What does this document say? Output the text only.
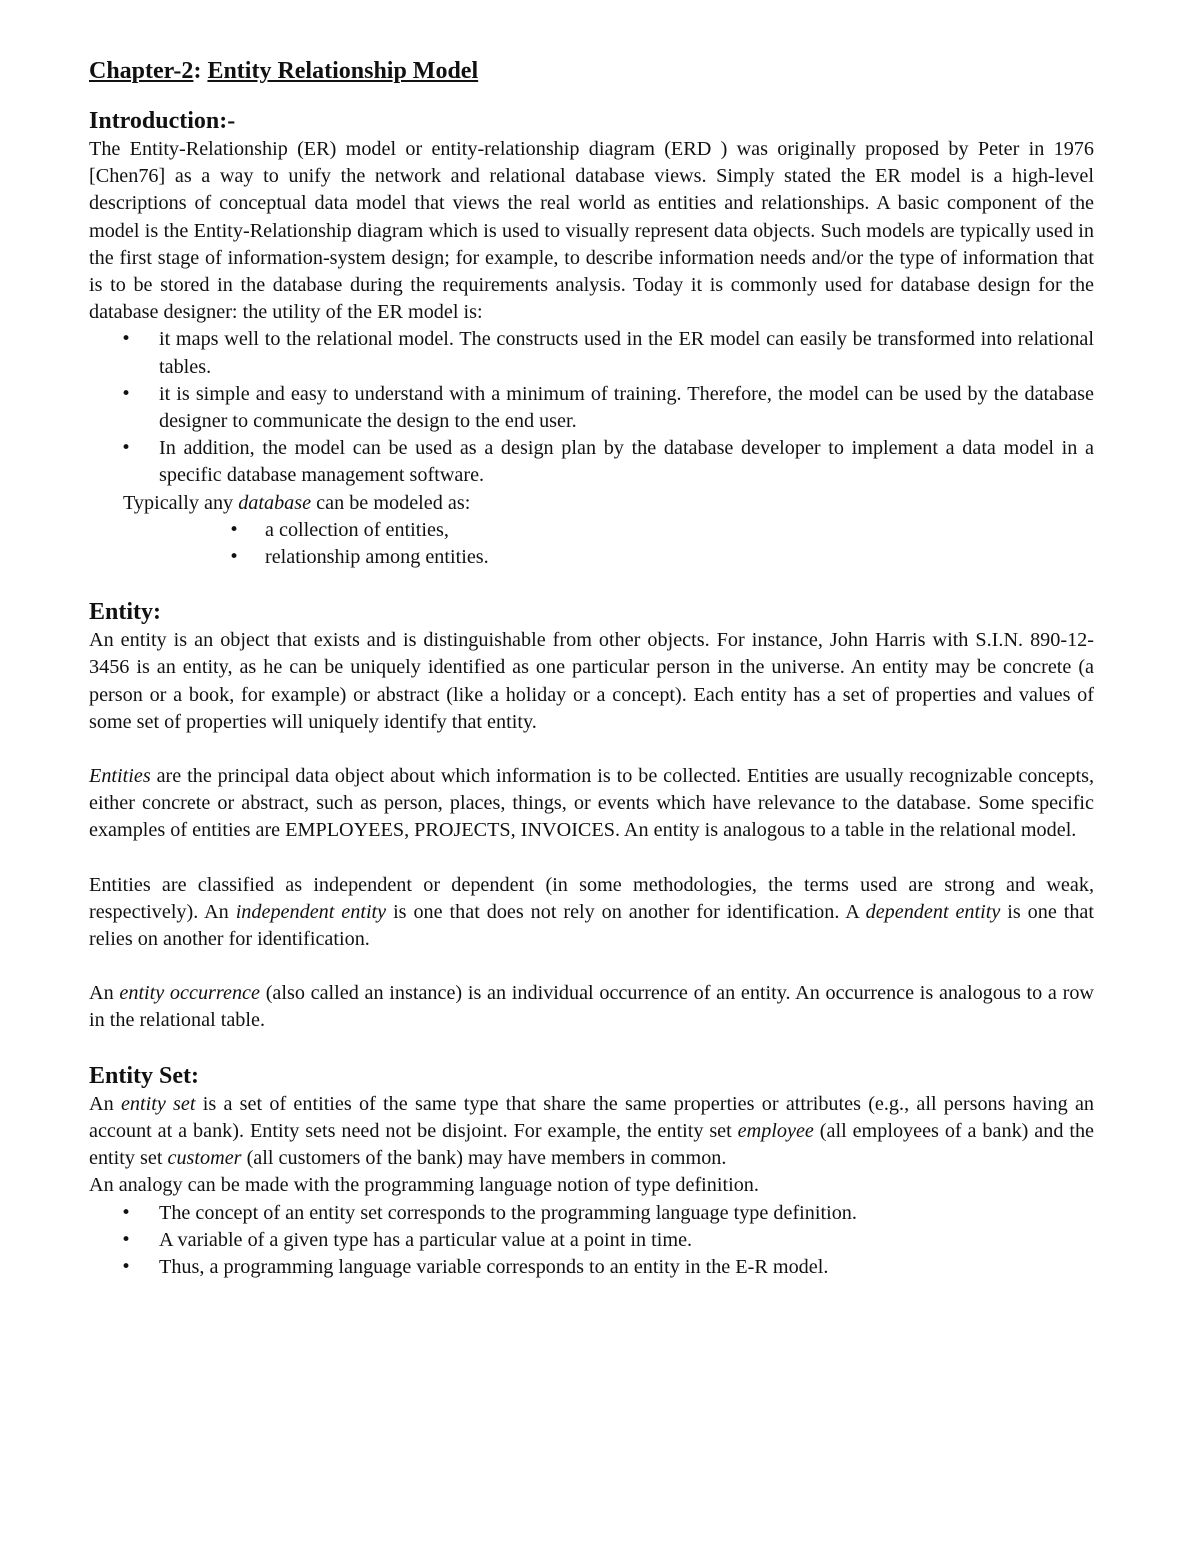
Chapter-2: Entity Relationship Model
Introduction:-

The Entity-Relationship (ER) model or entity-relationship diagram (ERD ) was originally proposed by Peter in 1976 [Chen76] as a way to unify the network and relational database views. Simply stated the ER model is a high-level descriptions of conceptual data model that views the real world as entities and relationships. A basic component of the model is the Entity-Relationship diagram which is used to visually represent data objects. Such models are typically used in the first stage of information-system design; for example, to describe information needs and/or the type of information that is to be stored in the database during the requirements analysis. Today it is commonly used for database design for the database designer: the utility of the ER model is:

• it maps well to the relational model. The constructs used in the ER model can easily be transformed into relational tables.
• it is simple and easy to understand with a minimum of training. Therefore, the model can be used by the database designer to communicate the design to the end user.
• In addition, the model can be used as a design plan by the database developer to implement a data model in a specific database management software.

Typically any database can be modeled as:

• a collection of entities,
• relationship among entities.
Entity:

An entity is an object that exists and is distinguishable from other objects. For instance, John Harris with S.I.N. 890-12-3456 is an entity, as he can be uniquely identified as one particular person in the universe. An entity may be concrete (a person or a book, for example) or abstract (like a holiday or a concept). Each entity has a set of properties and values of some set of properties will uniquely identify that entity.

Entities are the principal data object about which information is to be collected. Entities are usually recognizable concepts, either concrete or abstract, such as person, places, things, or events which have relevance to the database. Some specific examples of entities are EMPLOYEES, PROJECTS, INVOICES. An entity is analogous to a table in the relational model.

Entities are classified as independent or dependent (in some methodologies, the terms used are strong and weak, respectively). An independent entity is one that does not rely on another for identification. A dependent entity is one that relies on another for identification.

An entity occurrence (also called an instance) is an individual occurrence of an entity. An occurrence is analogous to a row in the relational table.

Entity Set:

An entity set is a set of entities of the same type that share the same properties or attributes (e.g., all persons having an account at a bank). Entity sets need not be disjoint. For example, the entity set employee (all employees of a bank) and the entity set customer (all customers of the bank) may have members in common.

An analogy can be made with the programming language notion of type definition.

• The concept of an entity set corresponds to the programming language type definition.
• A variable of a given type has a particular value at a point in time.
• Thus, a programming language variable corresponds to an entity in the E-R model.
